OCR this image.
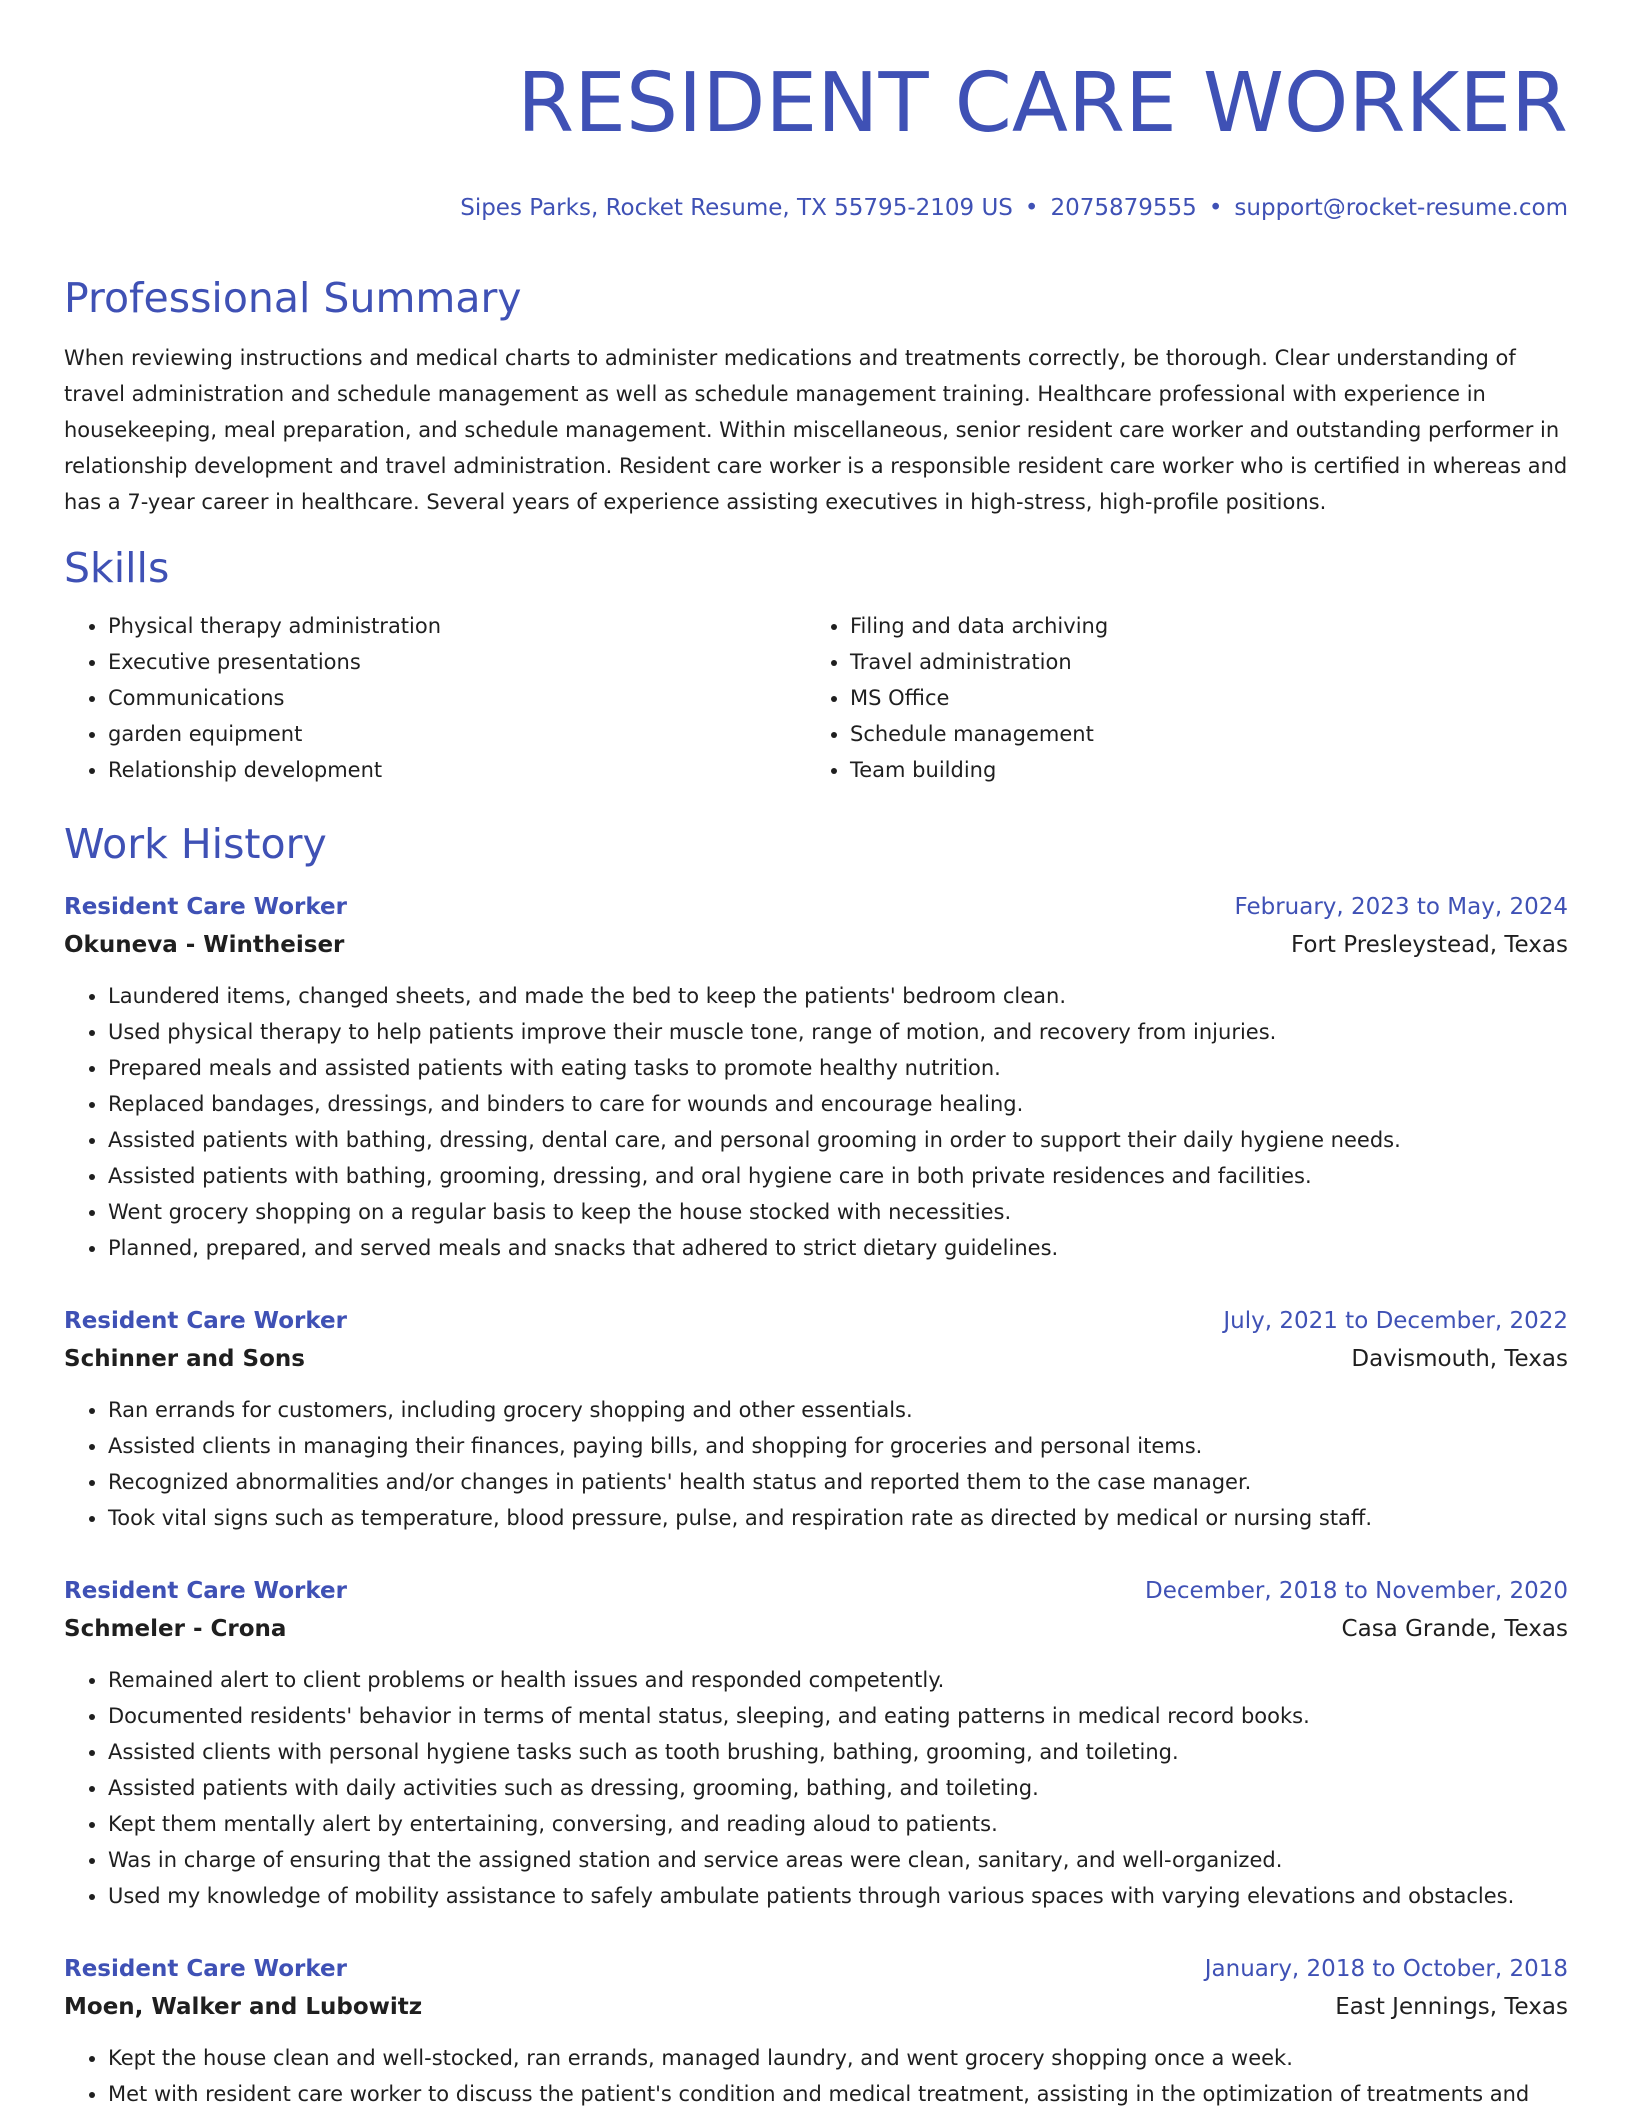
RESIDENT CARE WORKER
Sipes Parks, Rocket Resume, TX 55795-2109 US • 2075879555 • support@rocket-resume.com
Professional Summary

When reviewing instructions and medical charts to administer medications and treatments correctly, be thorough. Clear understanding of travel administration and schedule management as well as schedule management training. Healthcare professional with experience in housekeeping, meal preparation, and schedule management. Within miscellaneous, senior resident care worker and outstanding performer in relationship development and travel administration. Resident care worker is a responsible resident care worker who is certified in whereas and has a 7-year career in healthcare. Several years of experience assisting executives in high-stress, high-profile positions.

Skills
• Physical therapy administration
• Executive presentations
• Communications
• garden equipment
• Relationship development
• Filing and data archiving
• Travel administration
• MS Office
• Schedule management
• Team building
Work History
Resident Care Worker	February, 2023 to May, 2024
Okuneva - Wintheiser	Fort Presleystead, Texas
• Laundered items, changed sheets, and made the bed to keep the patients' bedroom clean.
• Used physical therapy to help patients improve their muscle tone, range of motion, and recovery from injuries.
• Prepared meals and assisted patients with eating tasks to promote healthy nutrition.
• Replaced bandages, dressings, and binders to care for wounds and encourage healing.
• Assisted patients with bathing, dressing, dental care, and personal grooming in order to support their daily hygiene needs.
• Assisted patients with bathing, grooming, dressing, and oral hygiene care in both private residences and facilities.
• Went grocery shopping on a regular basis to keep the house stocked with necessities.
• Planned, prepared, and served meals and snacks that adhered to strict dietary guidelines.
Resident Care Worker	July, 2021 to December, 2022
Schinner and Sons	Davismouth, Texas
• Ran errands for customers, including grocery shopping and other essentials.
• Assisted clients in managing their finances, paying bills, and shopping for groceries and personal items.
• Recognized abnormalities and/or changes in patients' health status and reported them to the case manager.
• Took vital signs such as temperature, blood pressure, pulse, and respiration rate as directed by medical or nursing staff.
Resident Care Worker	December, 2018 to November, 2020
Schmeler - Crona	Casa Grande, Texas
• Remained alert to client problems or health issues and responded competently.
• Documented residents' behavior in terms of mental status, sleeping, and eating patterns in medical record books.
• Assisted clients with personal hygiene tasks such as tooth brushing, bathing, grooming, and toileting.
• Assisted patients with daily activities such as dressing, grooming, bathing, and toileting.
• Kept them mentally alert by entertaining, conversing, and reading aloud to patients.
• Was in charge of ensuring that the assigned station and service areas were clean, sanitary, and well-organized.
• Used my knowledge of mobility assistance to safely ambulate patients through various spaces with varying elevations and obstacles.
Resident Care Worker	January, 2018 to October, 2018
Moen, Walker and Lubowitz	East Jennings, Texas
• Kept the house clean and well-stocked, ran errands, managed laundry, and went grocery shopping once a week.
• Met with resident care worker to discuss the patient's condition and medical treatment, assisting in the optimization of treatments and
